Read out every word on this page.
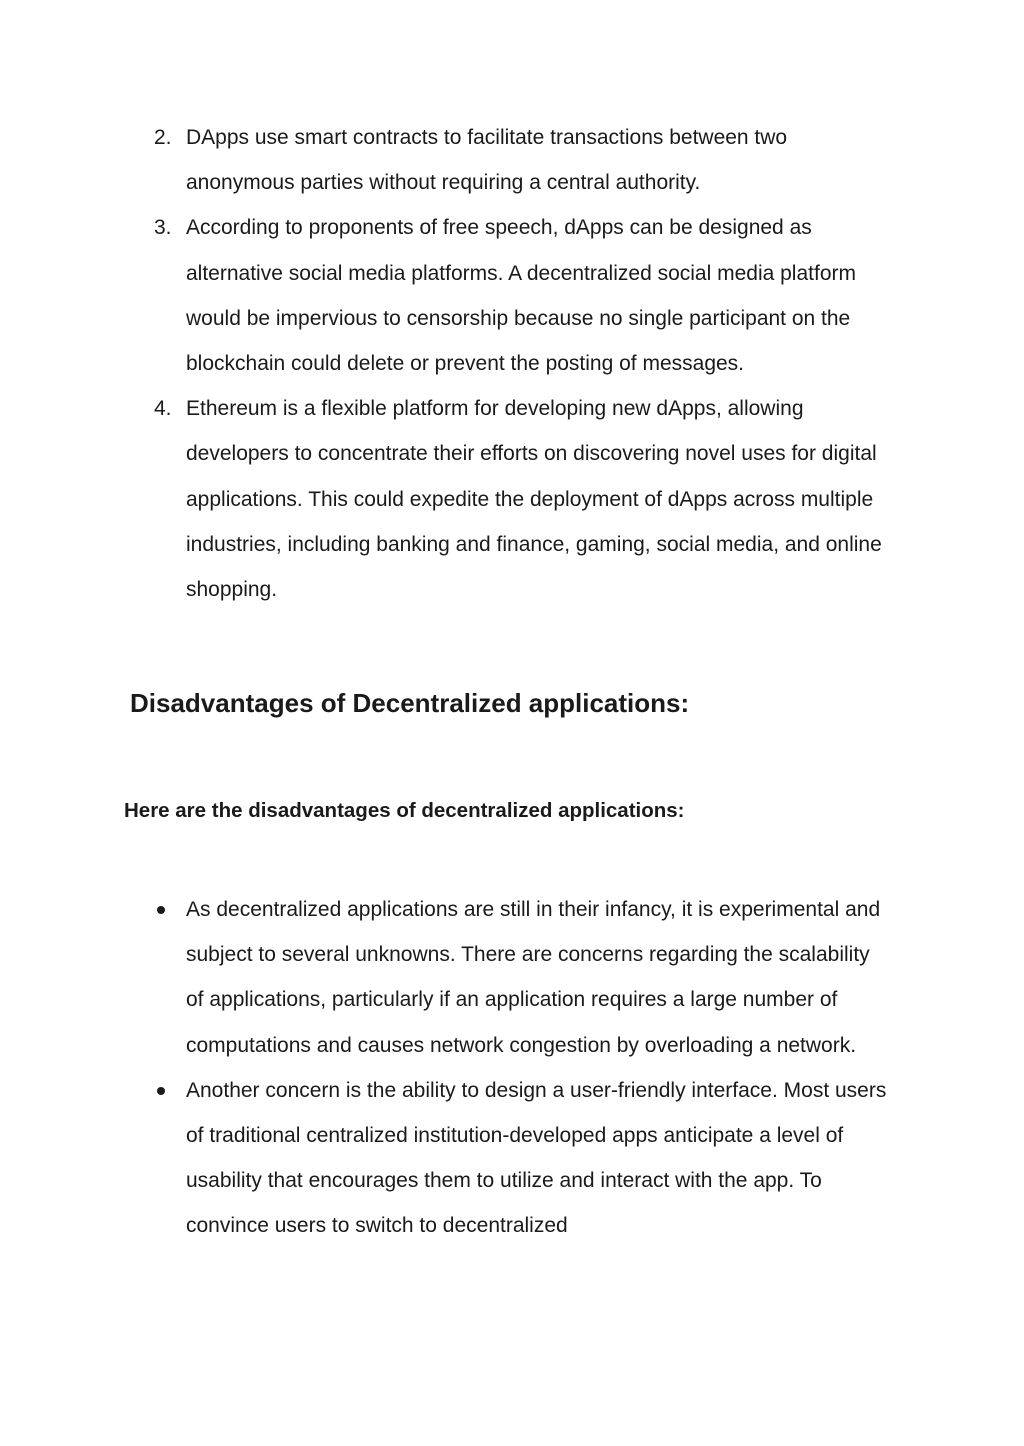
2. DApps use smart contracts to facilitate transactions between two anonymous parties without requiring a central authority.
3. According to proponents of free speech, dApps can be designed as alternative social media platforms. A decentralized social media platform would be impervious to censorship because no single participant on the blockchain could delete or prevent the posting of messages.
4. Ethereum is a flexible platform for developing new dApps, allowing developers to concentrate their efforts on discovering novel uses for digital applications. This could expedite the deployment of dApps across multiple industries, including banking and finance, gaming, social media, and online shopping.
Disadvantages of Decentralized applications:

Here are the disadvantages of decentralized applications:

As decentralized applications are still in their infancy, it is experimental and subject to several unknowns. There are concerns regarding the scalability of applications, particularly if an application requires a large number of computations and causes network congestion by overloading a network.
Another concern is the ability to design a user-friendly interface. Most users of traditional centralized institution-developed apps anticipate a level of usability that encourages them to utilize and interact with the app. To convince users to switch to decentralized
